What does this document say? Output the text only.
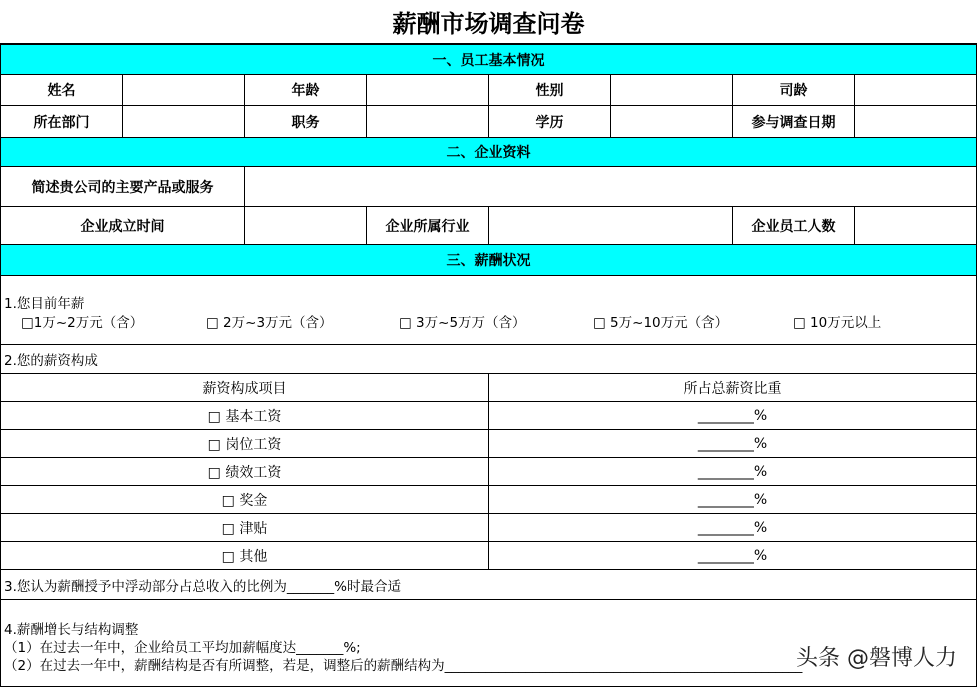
薪酬市场调查问卷
一、员工基本情况
姓名	年龄	性别	司龄
所在部门	职务	学历	参与调查日期
二、企业资料
简述贵公司的主要产品或服务
企业成立时间	企业所属行业	企业员工人数
三、薪酬状况
1.您目前年薪
□1万~2万元（含）	□ 2万~3万元（含）	□ 3万~5万万（含）	□ 5万~10万元（含）	□ 10万元以上
2.您的薪资构成
薪资构成项目	所占总薪资比重
□ 基本工资	________%
□ 岗位工资	________%
□ 绩效工资	________%
□ 奖金	________%
□ 津贴	________%
□ 其他	________%
3.您认为薪酬授予中浮动部分占总收入的比例为_______%时最合适
4.薪酬增长与结构调整
（1）在过去一年中，企业给员工平均加薪幅度达_______%;
（2）在过去一年中，薪酬结构是否有所调整，若是，调整后的薪酬结构为_____________________________________________________
头条 @磐博人力
